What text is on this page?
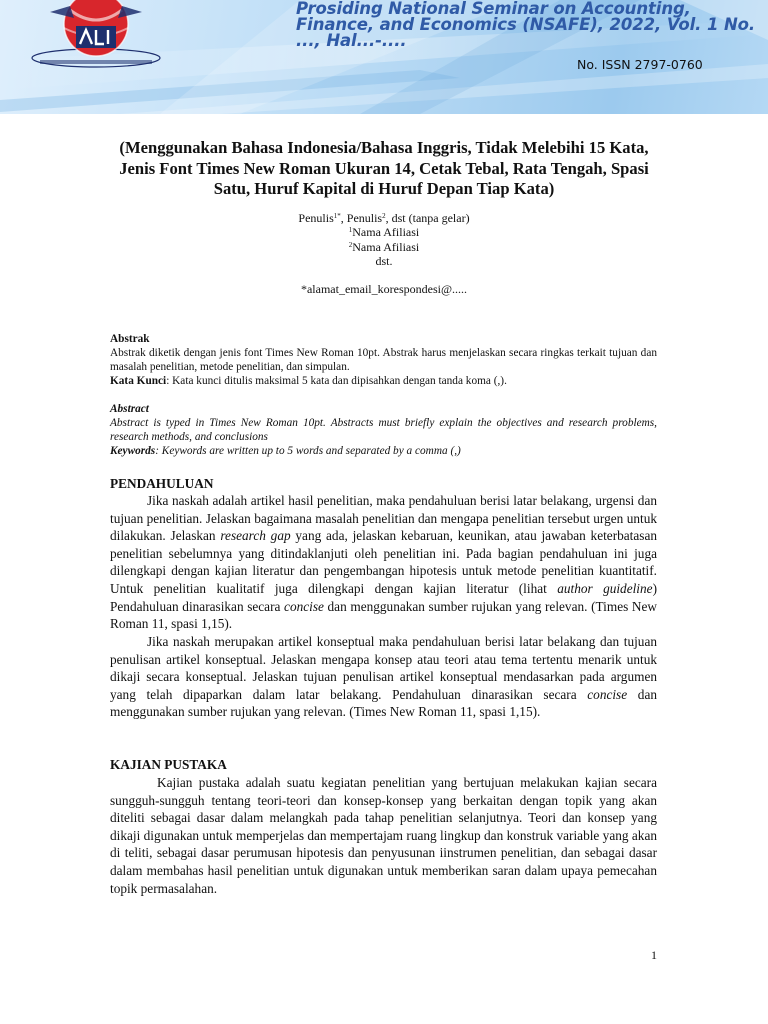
Prosiding National Seminar on Accounting, Finance, and Economics (NSAFE), 2022, Vol. 1 No. ..., Hal...-....
No. ISSN 2797-0760
(Menggunakan Bahasa Indonesia/Bahasa Inggris, Tidak Melebihi 15 Kata, Jenis Font Times New Roman Ukuran 14, Cetak Tebal, Rata Tengah, Spasi Satu, Huruf Kapital di Huruf Depan Tiap Kata)
Penulis$^{1*}$, Penulis$^2$, dst (tanpa gelar)
$^1$Nama Afiliasi
$^2$Nama Afiliasi
dst.
*alamat_email_korespondesi@.....
Abstrak
Abstrak diketik dengan jenis font Times New Roman 10pt. Abstrak harus menjelaskan secara ringkas terkait tujuan dan masalah penelitian, metode penelitian, dan simpulan.
Kata Kunci: Kata kunci ditulis maksimal 5 kata dan dipisahkan dengan tanda koma (,).
Abstract
Abstract is typed in Times New Roman 10pt. Abstracts must briefly explain the objectives and research problems, research methods, and conclusions
Keywords: Keywords are written up to 5 words and separated by a comma (,)
PENDAHULUAN
Jika naskah adalah artikel hasil penelitian, maka pendahuluan berisi latar belakang, urgensi dan tujuan penelitian. Jelaskan bagaimana masalah penelitian dan mengapa penelitian tersebut urgen untuk dilakukan. Jelaskan research gap yang ada, jelaskan kebaruan, keunikan, atau jawaban keterbatasan penelitian sebelumnya yang ditindaklanjuti oleh penelitian ini. Pada bagian pendahuluan ini juga dilengkapi dengan kajian literatur dan pengembangan hipotesis untuk metode penelitian kuantitatif. Untuk penelitian kualitatif juga dilengkapi dengan kajian literatur (lihat author guideline) Pendahuluan dinarasikan secara concise dan menggunakan sumber rujukan yang relevan. (Times New Roman 11, spasi 1,15).
Jika naskah merupakan artikel konseptual maka pendahuluan berisi latar belakang dan tujuan penulisan artikel konseptual. Jelaskan mengapa konsep atau teori atau tema tertentu menarik untuk dikaji secara konseptual. Jelaskan tujuan penulisan artikel konseptual mendasarkan pada argumen yang telah dipaparkan dalam latar belakang. Pendahuluan dinarasikan secara concise dan menggunakan sumber rujukan yang relevan. (Times New Roman 11, spasi 1,15).
KAJIAN PUSTAKA
Kajian pustaka adalah suatu kegiatan penelitian yang bertujuan melakukan kajian secara sungguh-sungguh tentang teori-teori dan konsep-konsep yang berkaitan dengan topik yang akan diteliti sebagai dasar dalam melangkah pada tahap penelitian selanjutnya. Teori dan konsep yang dikaji digunakan untuk memperjelas dan mempertajam ruang lingkup dan konstruk variable yang akan di teliti, sebagai dasar perumusan hipotesis dan penyusunan iinstrumen penelitian, dan sebagai dasar dalam membahas hasil penelitian untuk digunakan untuk memberikan saran dalam upaya pemecahan topik permasalahan.
1
